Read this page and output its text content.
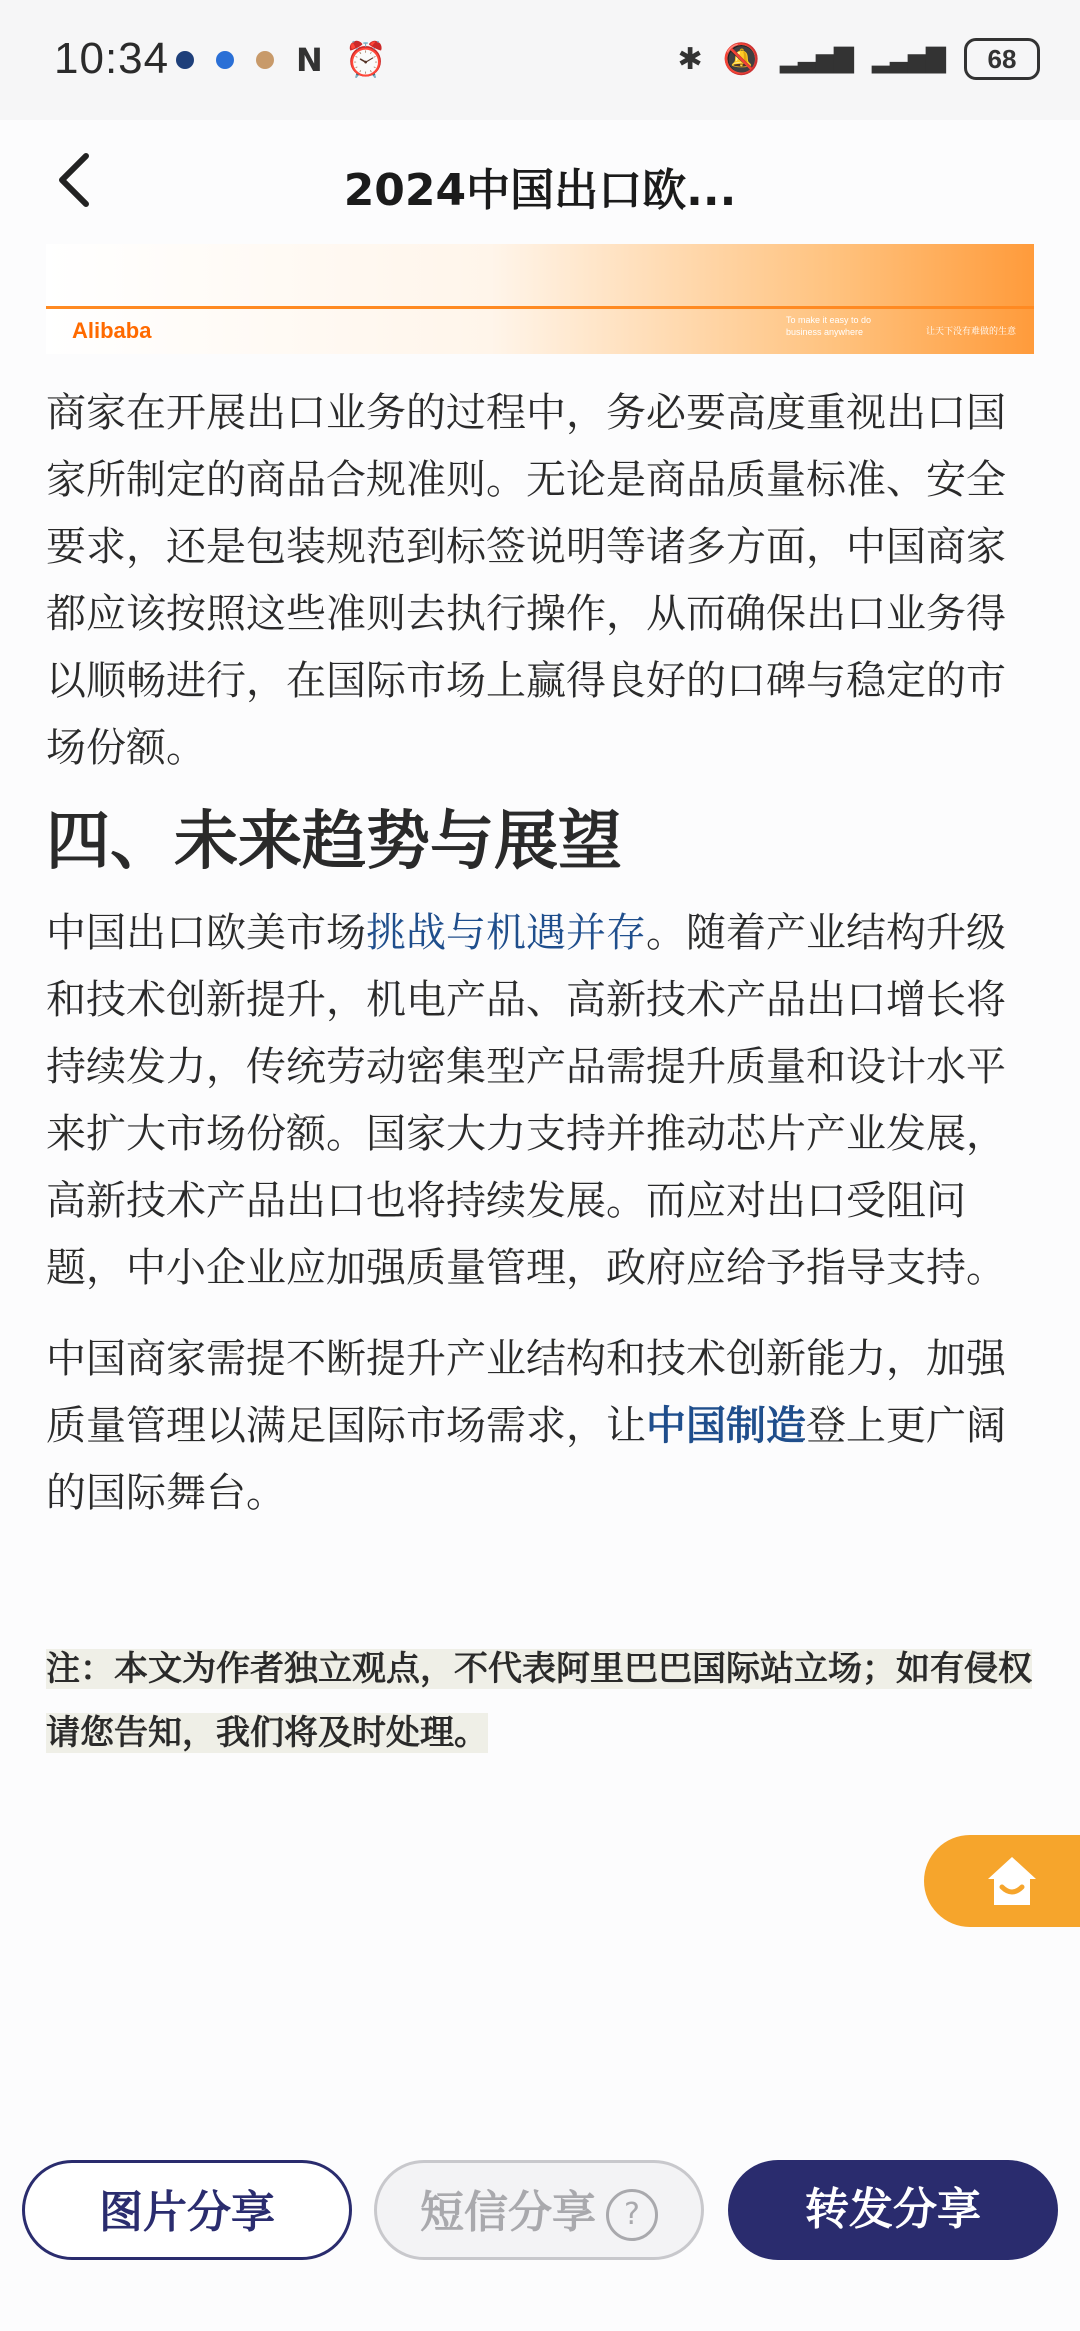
10:34	N ⏰	✱ 🔕 ▂▃▅▇ ▂▃▅▇	68
2024中国出口欧...
Alibaba	To make it easy to do business anywhere	让天下没有难做的生意

商家在开展出口业务的过程中，务必要高度重视出口国家所制定的商品合规准则。无论是商品质量标准、安全要求，还是包装规范到标签说明等诸多方面，中国商家都应该按照这些准则去执行操作，从而确保出口业务得以顺畅进行，在国际市场上赢得良好的口碑与稳定的市场份额。

四、未来趋势与展望

中国出口欧美市场挑战与机遇并存。随着产业结构升级和技术创新提升，机电产品、高新技术产品出口增长将持续发力，传统劳动密集型产品需提升质量和设计水平来扩大市场份额。国家大力支持并推动芯片产业发展，高新技术产品出口也将持续发展。而应对出口受阻问题，中小企业应加强质量管理，政府应给予指导支持。

中国商家需提不断提升产业结构和技术创新能力，加强质量管理以满足国际市场需求，让中国制造登上更广阔的国际舞台。

注：本文为作者独立观点，不代表阿里巴巴国际站立场；如有侵权请您告知，我们将及时处理。
图片分享	短信分享 ?	转发分享
